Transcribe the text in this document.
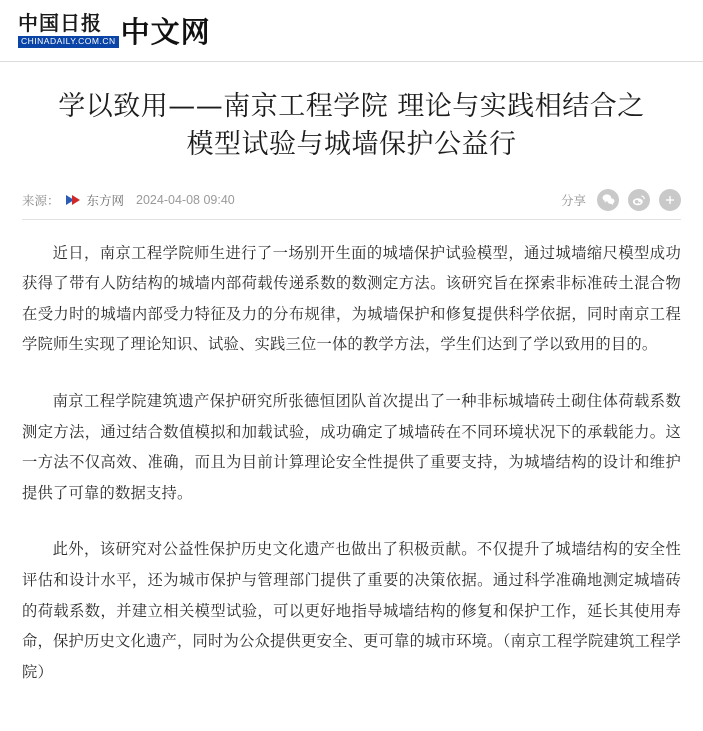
中国日报
CHINADAILY.COM.CN 中文网
学以致用——南京工程学院 理论与实践相结合之
模型试验与城墙保护公益行
来源： 东方网 2024-04-08 09:40	分享

近日，南京工程学院师生进行了一场别开生面的城墙保护试验模型，通过城墙缩尺模型成功获得了带有人防结构的城墙内部荷载传递系数的数测定方法。该研究旨在探索非标准砖土混合物在受力时的城墙内部受力特征及力的分布规律，为城墙保护和修复提供科学依据，同时南京工程学院师生实现了理论知识、试验、实践三位一体的教学方法，学生们达到了学以致用的目的。

南京工程学院建筑遗产保护研究所张德恒团队首次提出了一种非标城墙砖土砌住体荷载系数测定方法，通过结合数值模拟和加载试验，成功确定了城墙砖在不同环境状况下的承载能力。这一方法不仅高效、准确，而且为目前计算理论安全性提供了重要支持，为城墙结构的设计和维护提供了可靠的数据支持。

此外，该研究对公益性保护历史文化遗产也做出了积极贡献。不仅提升了城墙结构的安全性评估和设计水平，还为城市保护与管理部门提供了重要的决策依据。通过科学准确地测定城墙砖的荷载系数，并建立相关模型试验，可以更好地指导城墙结构的修复和保护工作，延长其使用寿命，保护历史文化遗产，同时为公众提供更安全、更可靠的城市环境。（南京工程学院建筑工程学院）
